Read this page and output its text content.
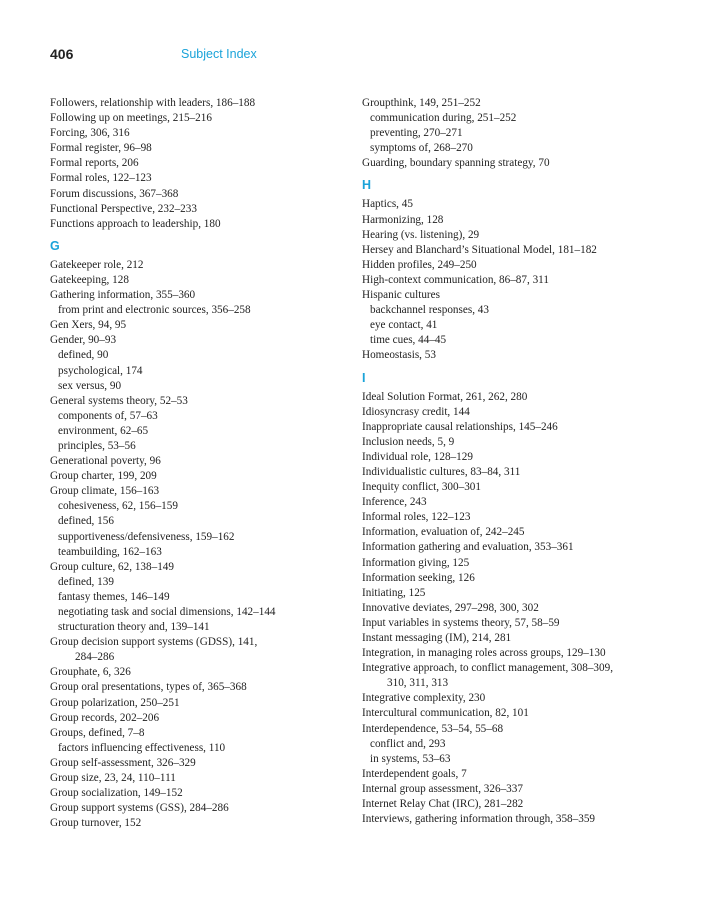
406	Subject Index
Followers, relationship with leaders, 186–188
Following up on meetings, 215–216
Forcing, 306, 316
Formal register, 96–98
Formal reports, 206
Formal roles, 122–123
Forum discussions, 367–368
Functional Perspective, 232–233
Functions approach to leadership, 180
G
Gatekeeper role, 212
Gatekeeping, 128
Gathering information, 355–360
from print and electronic sources, 356–258
Gen Xers, 94, 95
Gender, 90–93
defined, 90
psychological, 174
sex versus, 90
General systems theory, 52–53
components of, 57–63
environment, 62–65
principles, 53–56
Generational poverty, 96
Group charter, 199, 209
Group climate, 156–163
cohesiveness, 62, 156–159
defined, 156
supportiveness/defensiveness, 159–162
teambuilding, 162–163
Group culture, 62, 138–149
defined, 139
fantasy themes, 146–149
negotiating task and social dimensions, 142–144
structuration theory and, 139–141
Group decision support systems (GDSS), 141,
284–286
Grouphate, 6, 326
Group oral presentations, types of, 365–368
Group polarization, 250–251
Group records, 202–206
Groups, defined, 7–8
factors influencing effectiveness, 110
Group self-assessment, 326–329
Group size, 23, 24, 110–111
Group socialization, 149–152
Group support systems (GSS), 284–286
Group turnover, 152
Groupthink, 149, 251–252
communication during, 251–252
preventing, 270–271
symptoms of, 268–270
Guarding, boundary spanning strategy, 70
H
Haptics, 45
Harmonizing, 128
Hearing (vs. listening), 29
Hersey and Blanchard’s Situational Model, 181–182
Hidden profiles, 249–250
High-context communication, 86–87, 311
Hispanic cultures
backchannel responses, 43
eye contact, 41
time cues, 44–45
Homeostasis, 53
I
Ideal Solution Format, 261, 262, 280
Idiosyncrasy credit, 144
Inappropriate causal relationships, 145–246
Inclusion needs, 5, 9
Individual role, 128–129
Individualistic cultures, 83–84, 311
Inequity conflict, 300–301
Inference, 243
Informal roles, 122–123
Information, evaluation of, 242–245
Information gathering and evaluation, 353–361
Information giving, 125
Information seeking, 126
Initiating, 125
Innovative deviates, 297–298, 300, 302
Input variables in systems theory, 57, 58–59
Instant messaging (IM), 214, 281
Integration, in managing roles across groups, 129–130
Integrative approach, to conflict management, 308–309,
310, 311, 313
Integrative complexity, 230
Intercultural communication, 82, 101
Interdependence, 53–54, 55–68
conflict and, 293
in systems, 53–63
Interdependent goals, 7
Internal group assessment, 326–337
Internet Relay Chat (IRC), 281–282
Interviews, gathering information through, 358–359
